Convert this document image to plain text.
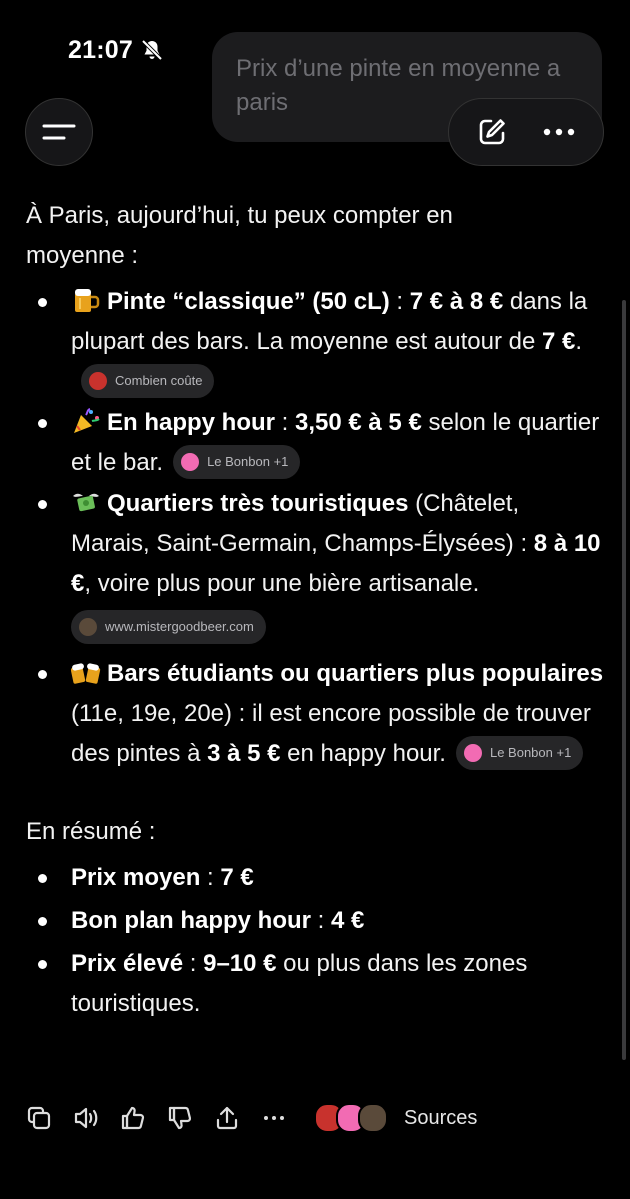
21:07
Prix d’une pinte en moyenne a paris
À Paris, aujourd’hui, tu peux compter en moyenne :
Pinte “classique” (50 cL) : 7 € à 8 € dans la plupart des bars. La moyenne est autour de 7 €.
Combien coûte
En happy hour : 3,50 € à 5 € selon le quartier et le bar.	Le Bonbon +1
Quartiers très touristiques (Châtelet, Marais, Saint-Germain, Champs-Élysées) : 8 à 10 €, voire plus pour une bière artisanale.
www.mistergoodbeer.com
Bars étudiants ou quartiers plus populaires (11e, 19e, 20e) : il est encore possible de trouver des pintes à 3 à 5 € en happy hour.	Le Bonbon +1
En résumé :
Prix moyen : 7 €
Bon plan happy hour : 4 €
Prix élevé : 9–10 € ou plus dans les zones touristiques.
Sources
